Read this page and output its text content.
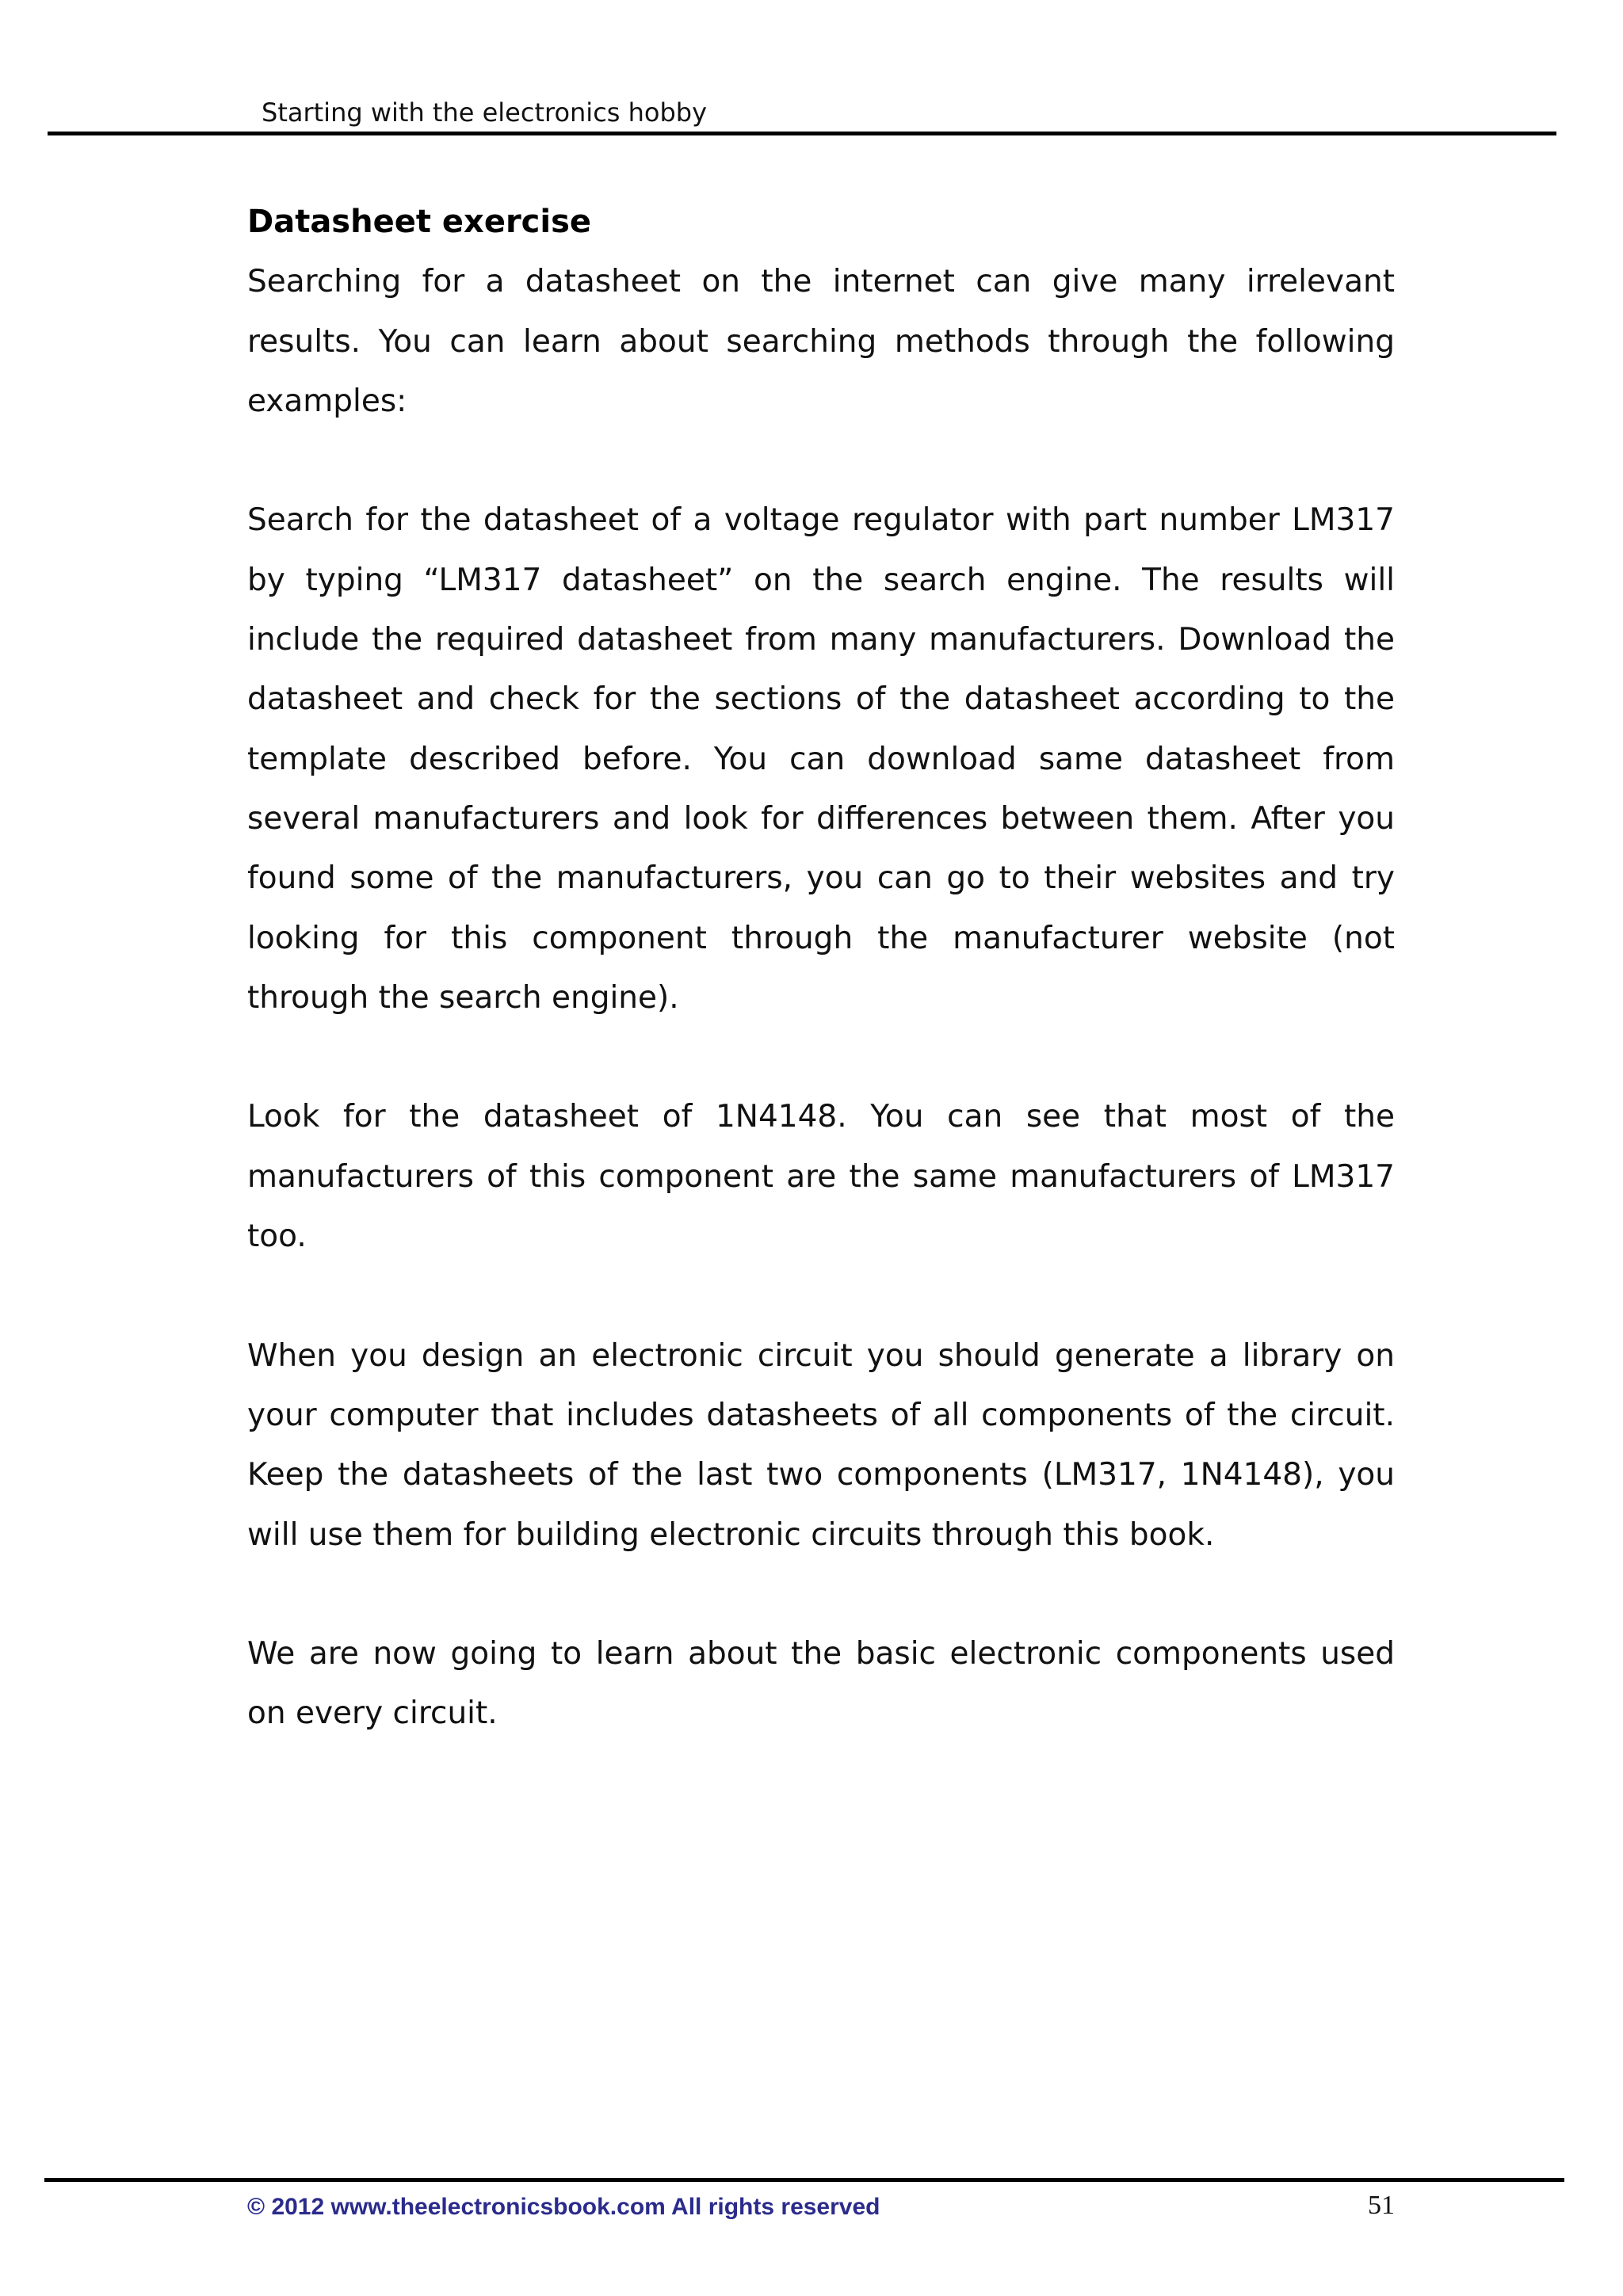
Starting with the electronics hobby
Datasheet exercise

Searching for a datasheet on the internet can give many irrelevant results. You can learn about searching methods through the following examples:

Search for the datasheet of a voltage regulator with part number LM317 by typing “LM317 datasheet” on the search engine. The results will include the required datasheet from many manufacturers. Download the datasheet and check for the sections of the datasheet according to the template described before. You can download same datasheet from several manufacturers and look for differences between them. After you found some of the manufacturers, you can go to their websites and try looking for this component through the manufacturer website (not through the search engine).

Look for the datasheet of 1N4148. You can see that most of the manufacturers of this component are the same manufacturers of LM317 too.

When you design an electronic circuit you should generate a library on your computer that includes datasheets of all components of the circuit. Keep the datasheets of the last two components (LM317, 1N4148), you will use them for building electronic circuits through this book.

We are now going to learn about the basic electronic components used on every circuit.

© 2012 www.theelectronicsbook.com All rights reserved	51
